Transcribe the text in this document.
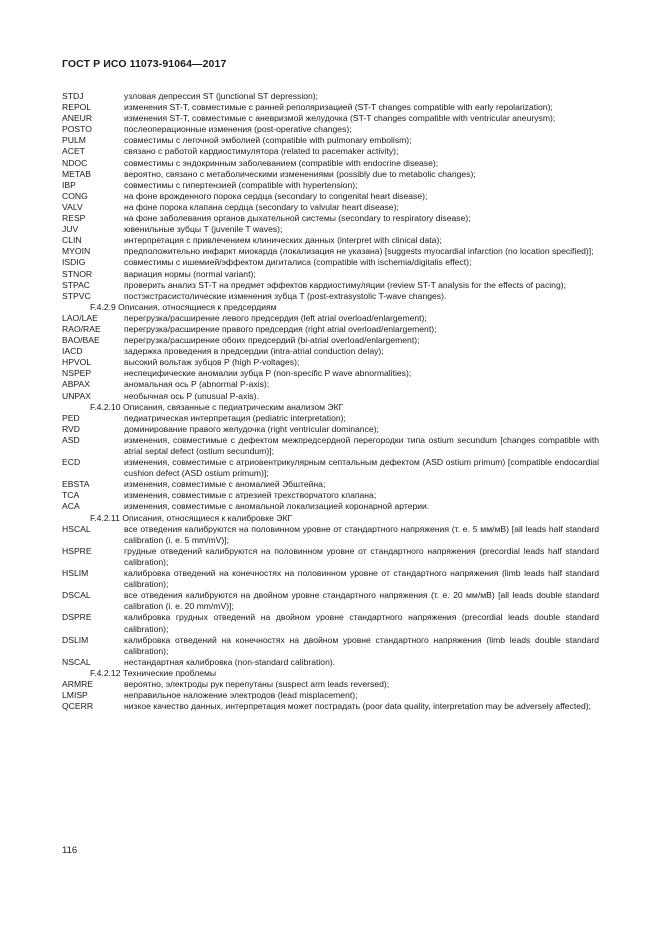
ГОСТ Р ИСО 11073-91064—2017
STDJ	узловая депрессия ST (junctional ST depression);
REPOL	изменения ST-T, совместимые с ранней реполяризацией (ST-T changes compatible with early repolarization);
ANEUR	изменения ST-T, совместимые с аневризмой желудочка (ST-T changes compatible with ventricular aneurysm);
POSTO	послеоперационные изменения (post-operative changes);
PULM	совместимы с легочной эмболией (compatible with pulmonary embolism);
ACET	связано с работой кардиостимулятора (related to pacemaker activity);
NDOC	совместимы с эндокринным заболеванием (compatible with endocrine disease);
METAB	вероятно, связано с метаболическими изменениями (possibly due to metabolic changes);
IBP	совместимы с гипертензией (compatible with hypertension);
CONG	на фоне врожденного порока сердца (secondary to congenital heart disease);
VALV	на фоне порока клапана сердца (secondary to valvular heart disease);
RESP	на фоне заболевания органов дыхательной системы (secondary to respiratory disease);
JUV	ювенильные зубцы Т (juvenile T waves);
CLIN	интерпретация с привлечением клинических данных (interpret with clinical data);
MYOIN	предположительно инфаркт миокарда (локализация не указана) [suggests myocardial infarction (no location specified)];
ISDIG	совместимы с ишемией/эффектом дигиталиса (compatible with ischemia/digitalis effect);
STNOR	вариация нормы (normal variant);
STPAC	проверить анализ ST-T на предмет эффектов кардиостимуляции (review ST-T analysis for the effects of pacing);
STPVC	постэкстрасистолические изменения зубца Т (post-extrasystolic T-wave changes).
F.4.2.9 Описания, относящиеся к предсердиям
LAO/LAE	перегрузка/расширение левого предсердия (left atrial overload/enlargement);
RAO/RAE	перегрузка/расширение правого предсердия (right atrial overload/enlargement);
BAO/BAE	перегрузка/расширение обоих предсердий (bi-atrial overload/enlargement);
IACD	задержка проведения в предсердии (intra-atrial conduction delay);
HPVOL	высокий вольтаж зубцов P (high P-voltages);
NSPEP	неспецифические аномалии зубца P (non-specific P wave abnormalities);
ABPAX	аномальная ось P (abnormal P-axis);
UNPAX	необычная ось P (unusual P-axis).
F.4.2.10 Описания, связанные с педиатрическим анализом ЭКГ
PED	педиатрическая интерпретация (pediatric interpretation);
RVD	доминирование правого желудочка (right ventricular dominance);
ASD	изменения, совместимые с дефектом межпредсердной перегородки типа ostium secundum [changes compatible with atrial septal defect (ostium secundum)];
ECD	изменения, совместимые с атриовентрикулярным септальным дефектом (ASD ostium primum) [compatible endocardial cushion defect (ASD ostium primum)];
EBSTA	изменения, совместимые с аномалией Эбштейна;
TCA	изменения, совместимые с атрезией трехстворчатого клапана;
ACA	изменения, совместимые с аномальной локализацией коронарной артерии.
F.4.2.11 Описания, относящиеся к калибровке ЭКГ
HSCAL	все отведения калибруются на половинном уровне от стандартного напряжения (т. е. 5 мм/мВ) [all leads half standard calibration (i. e. 5 mm/mV)];
HSPRE	грудные отведений калибруются на половинном уровне от стандартного напряжения (precordial leads half standard calibration);
HSLIM	калибровка отведений на конечностях на половинном уровне от стандартного напряжения (limb leads half standard calibration);
DSCAL	все отведения калибруются на двойном уровне стандартного напряжения (т. е. 20 мм/мВ) [all leads double standard calibration (i. e. 20 mm/mV)];
DSPRE	калибровка грудных отведений на двойном уровне стандартного напряжения (precordial leads double standard calibration);
DSLIM	калибровка отведений на конечностях на двойном уровне стандартного напряжения (limb leads double standard calibration);
NSCAL	нестандартная калибровка (non-standard calibration).
F.4.2.12 Технические проблемы
ARMRE	вероятно, электроды рук перепутаны (suspect arm leads reversed);
LMISP	неправильное наложение электродов (lead misplacement);
QCERR	низкое качество данных, интерпретация может пострадать (poor data quality, interpretation may be adversely affected);
116
